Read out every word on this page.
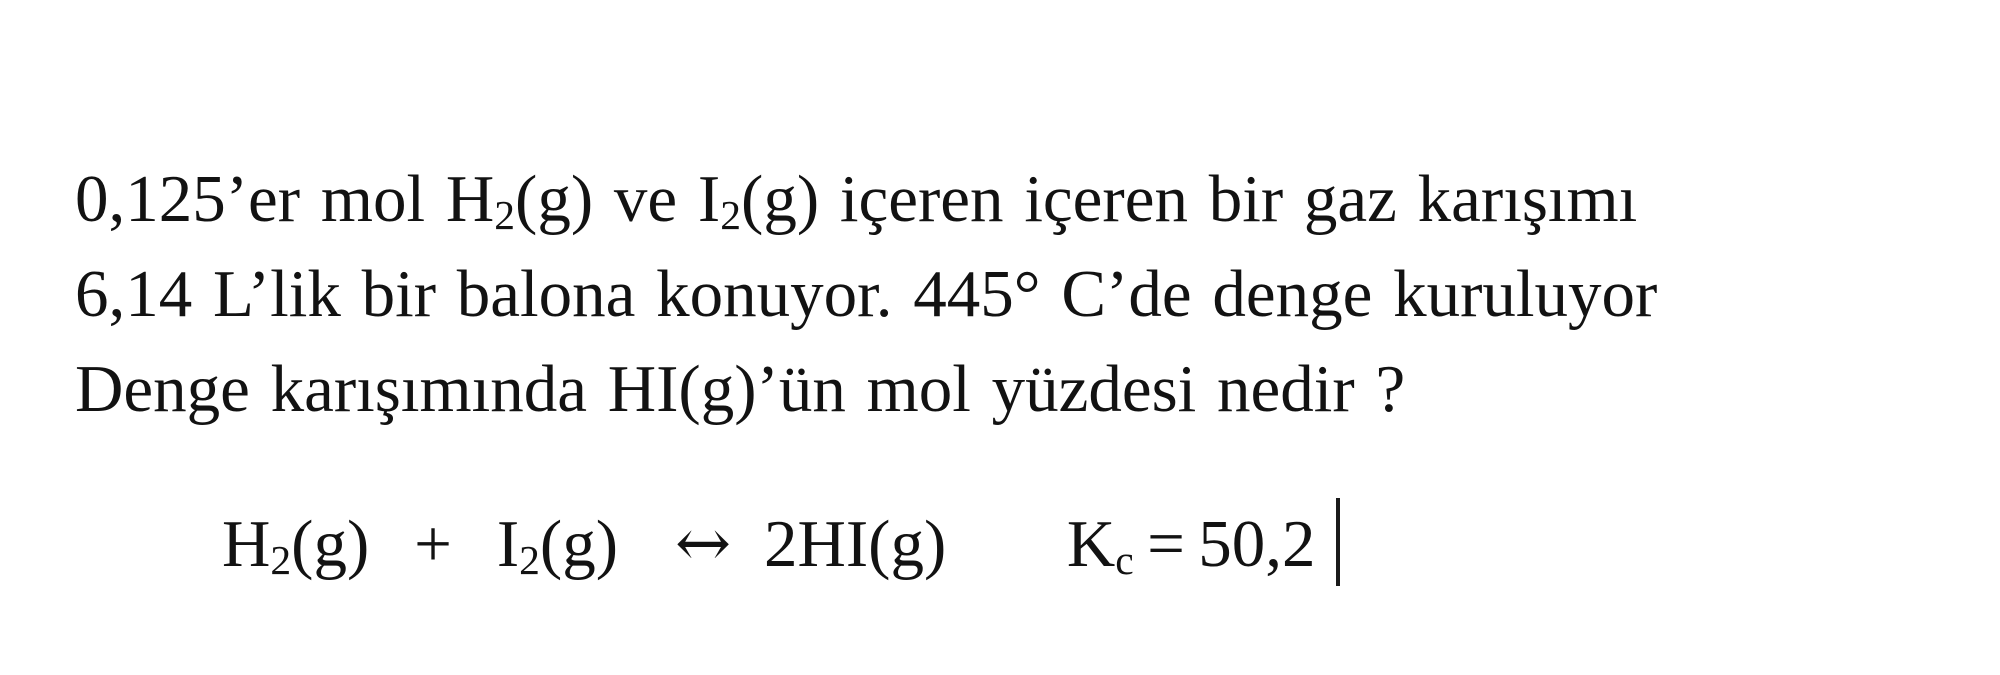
0,125’er mol $H_2(g)$ ve $I_2(g)$ içeren içeren bir gaz karışımı
6,14 L’lik bir balona konuyor. 445° C’de denge kuruluyor
Denge karışımında HI(g)’ün mol yüzdesi nedir ?
$H_2(g) + I_2(g)$ ↔ 2HI(g) $K_c = 50,2$
